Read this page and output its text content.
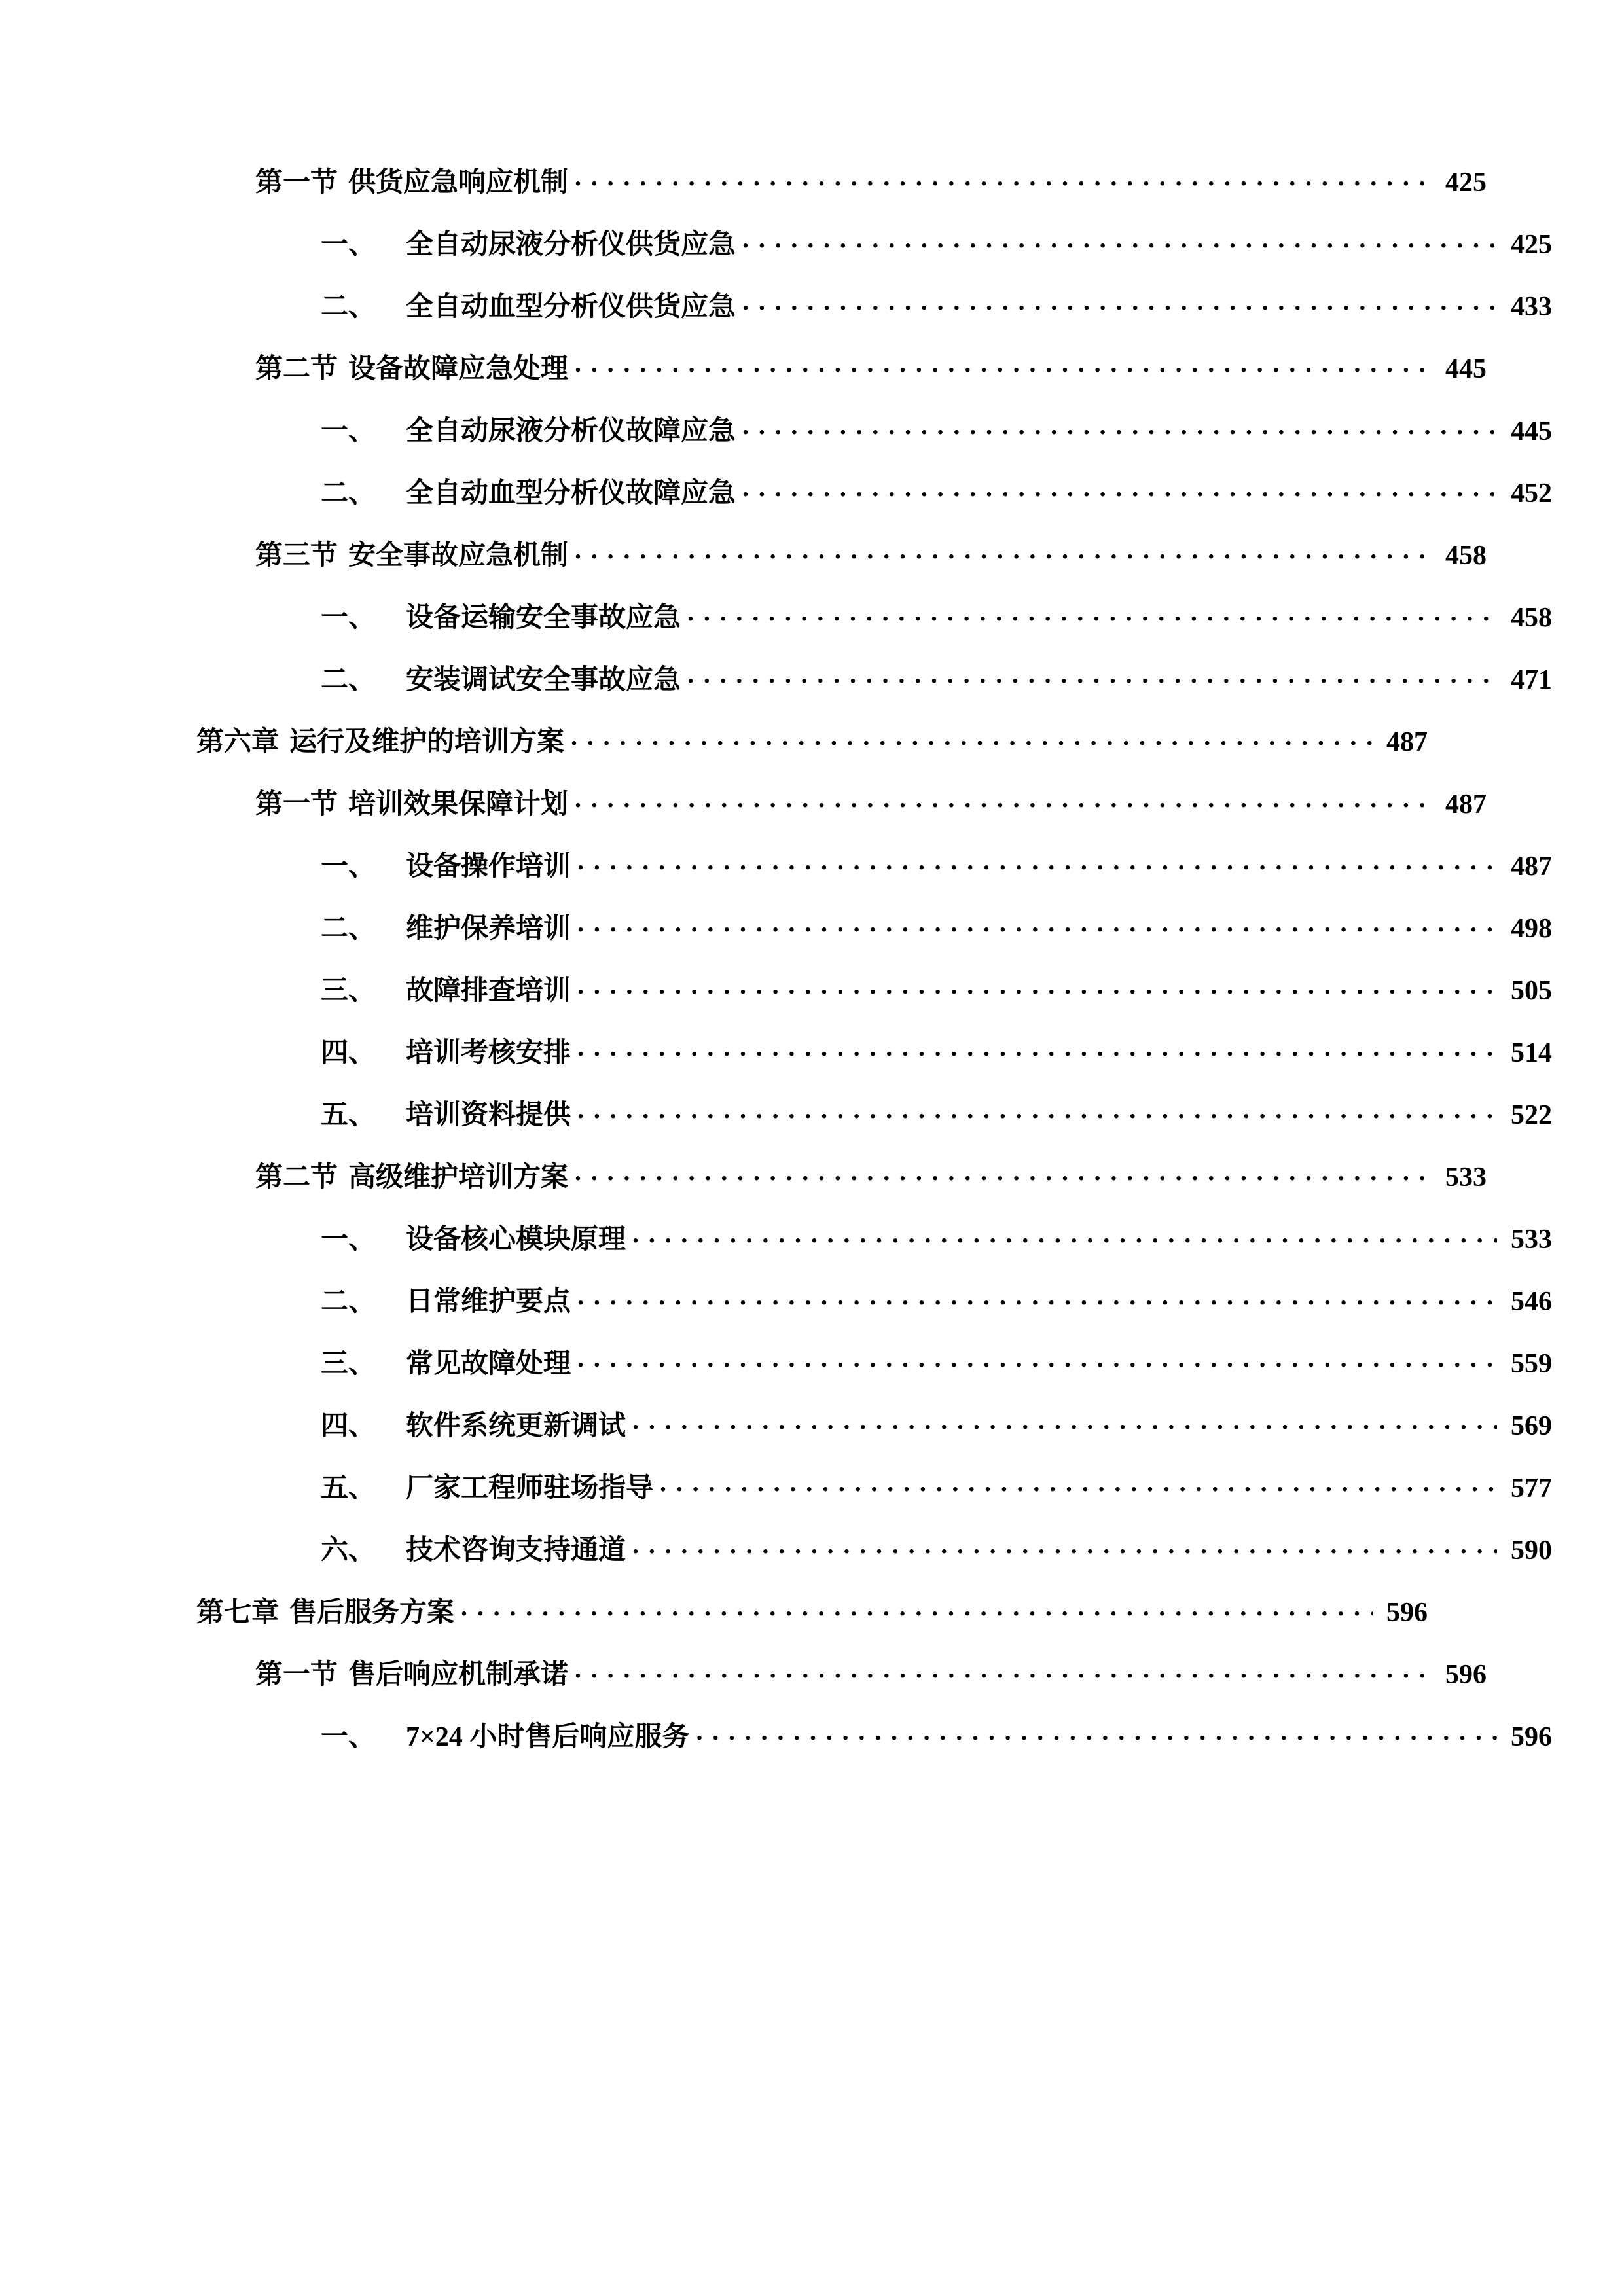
第一节 供货应急响应机制 . . .	425
一、	全自动尿液分析仪供货应急 . . .	425
二、	全自动血型分析仪供货应急 . . .	433
第二节 设备故障应急处理 . . .	445
一、	全自动尿液分析仪故障应急 . . .	445
二、	全自动血型分析仪故障应急 . . .	452
第三节 安全事故应急机制 . . .	458
一、	设备运输安全事故应急 . . .	458
二、	安装调试安全事故应急 . . .	471
第六章 运行及维护的培训方案 . . .	487
第一节 培训效果保障计划 . . .	487
一、	设备操作培训 . . .	487
二、	维护保养培训 . . .	498
三、	故障排查培训 . . .	505
四、	培训考核安排 . . .	514
五、	培训资料提供 . . .	522
第二节 高级维护培训方案 . . .	533
一、	设备核心模块原理 . . .	533
二、	日常维护要点 . . .	546
三、	常见故障处理 . . .	559
四、	软件系统更新调试 . . .	569
五、	厂家工程师驻场指导 . . .	577
六、	技术咨询支持通道 . . .	590
第七章 售后服务方案 . . .	596
第一节 售后响应机制承诺 . . .	596
一、	7×24 小时售后响应服务 . . .	596
